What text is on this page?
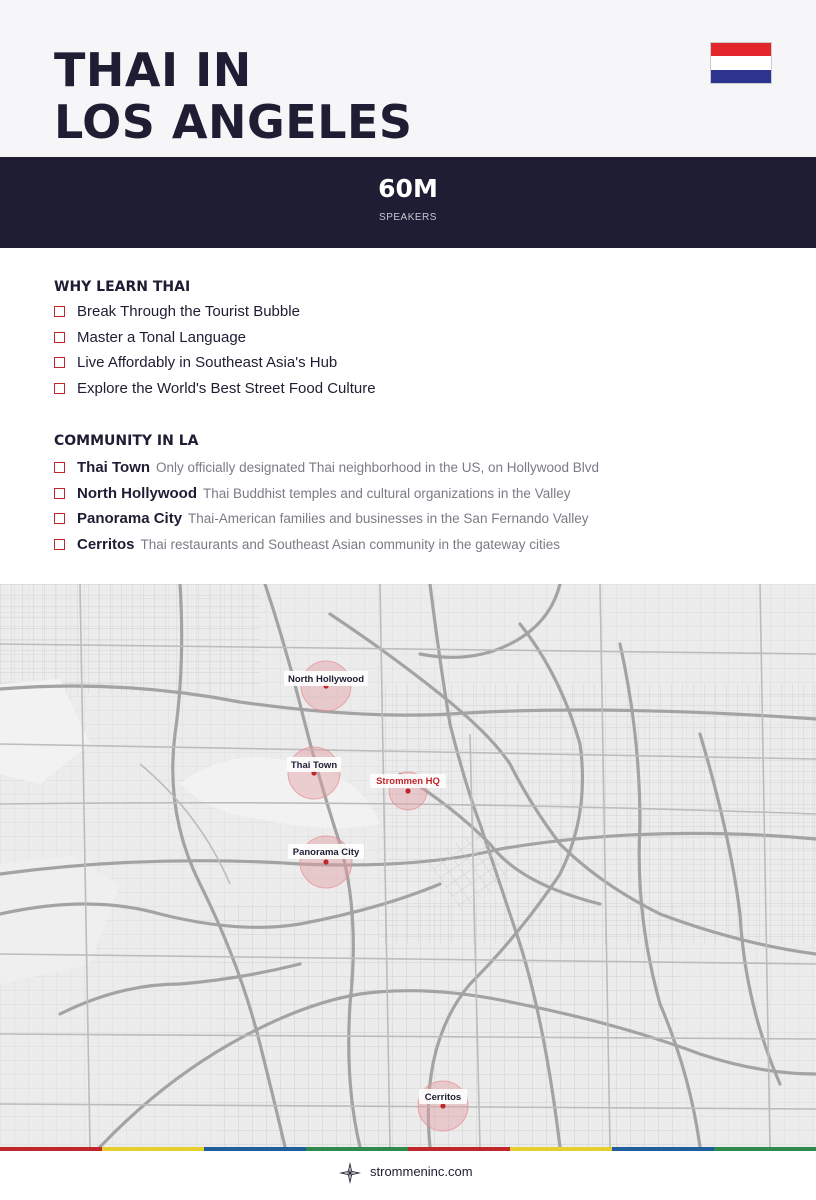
THAI IN
LOS ANGELES
60M
SPEAKERS
WHY LEARN THAI
Break Through the Tourist Bubble
Master a Tonal Language
Live Affordably in Southeast Asia's Hub
Explore the World's Best Street Food Culture
COMMUNITY IN LA
Thai Town Only officially designated Thai neighborhood in the US, on Hollywood Blvd
North Hollywood Thai Buddhist temples and cultural organizations in the Valley
Panorama City Thai-American families and businesses in the San Fernando Valley
Cerritos Thai restaurants and Southeast Asian community in the gateway cities
North Hollywood
Thai Town
Strommen HQ
Panorama City
Cerritos
strommeninc.com
